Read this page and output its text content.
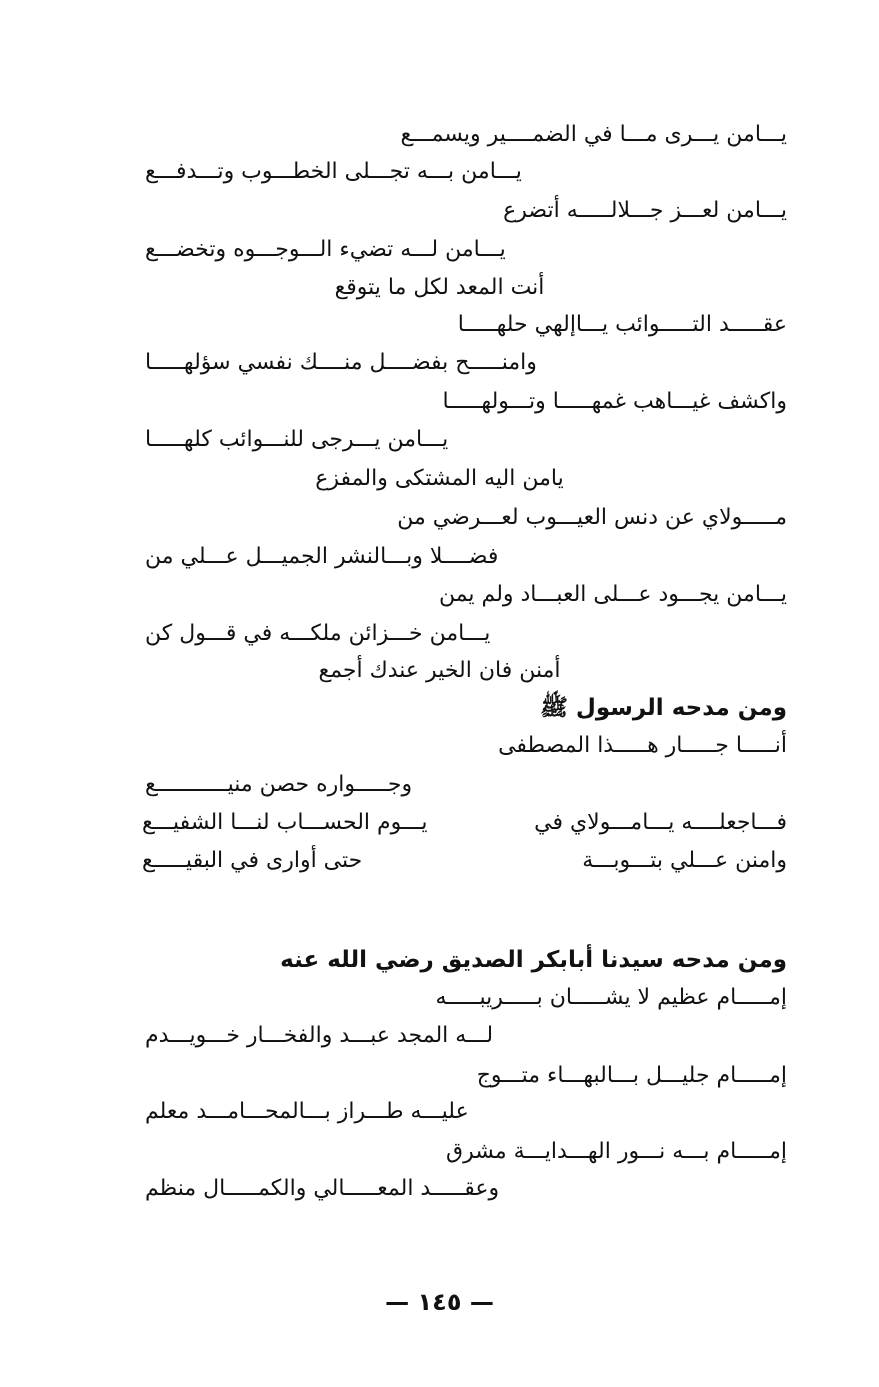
يـــامن يـــرى مـــا في الضمــــير ويسمـــع
يـــامن بـــه تجـــلى الخطـــوب وتـــدفـــع
يـــامن لعـــز جـــلالـــــه أتضرع
يـــامن لـــه تضيء الـــوجـــوه وتخضـــع
أنت المعد لكل ما يتوقع
عقـــــد التـــــوائب يـــاإلهي حلهـــــا
وامنـــــح بفضــــل منــــك نفسي سؤلهـــــا
واكشف غيـــاهب غمهـــــا وتـــولهـــــا
يـــامن يـــرجى للنـــوائب كلهـــــا
يامن اليه المشتكى والمفزع
مـــــولاي عن دنس العيـــوب لعـــرضي من
فضــــلا وبـــالنشر الجميـــل عـــلي من
يـــامن يجـــود عـــلى العبـــاد ولم يمن
يـــامن خـــزائن ملكـــه في قـــول كن
أمنن فان الخير عندك أجمع
ومن مدحه الرسول ﷺ
أنـــــا جـــــار هـــــذا المصطفى
وجـــــواره حصن منيـــــــــــع
فـــاجعلــــه يـــامـــولاي في
يـــوم الحســـاب لنـــا الشفيـــع
وامنن عـــلي بتـــوبـــة
حتى أوارى في البقيـــــع
ومن مدحه سيدنا أبابكر الصديق رضي الله عنه
إمـــــام عظيم لا يشـــــان بـــــريبـــــه
لـــه المجد عبـــد والفخـــار خـــويـــدم
إمـــــام جليـــل بـــالبهـــاء متـــوج
عليـــه طـــراز بـــالمحـــامـــد معلم
إمـــــام بـــه نـــور الهـــدايـــة مشرق
وعقـــــد المعـــــالي والكمـــــال منظم
— ١٤٥ —
